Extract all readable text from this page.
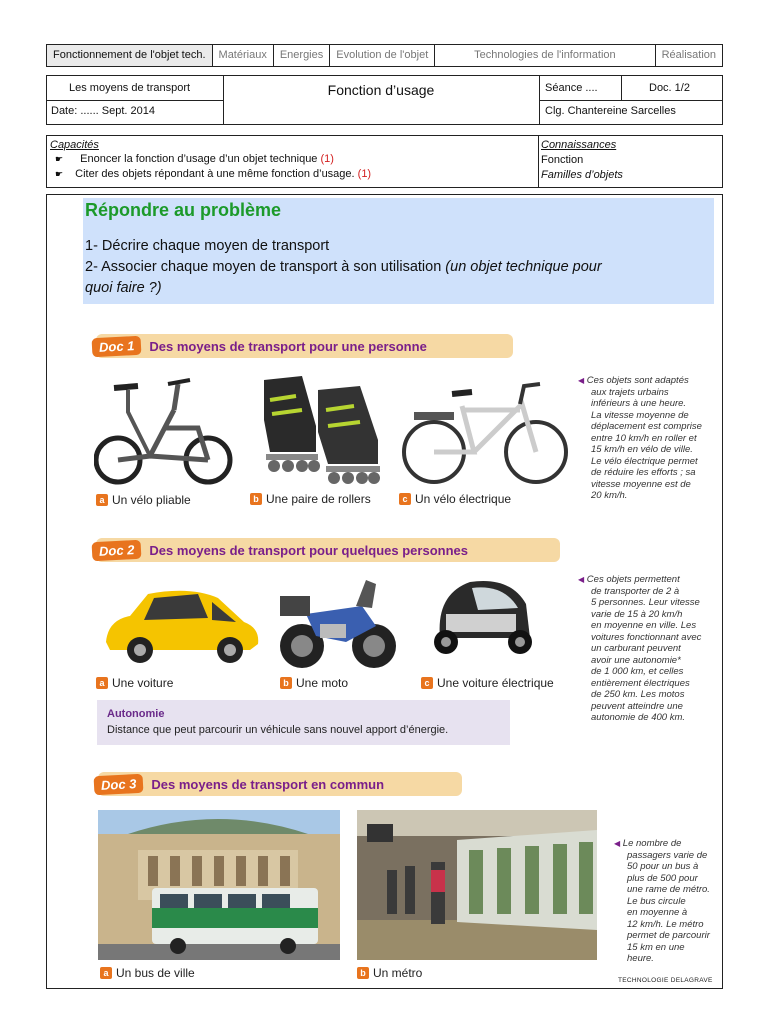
Fonctionnement de l'objet tech.	Matériaux	Energies	Evolution de l'objet	Technologies de l'information	Réalisation
Les moyens de transport
Date: ...... Sept. 2014
Fonction d’usage	Séance ....	Doc. 1/2
Clg. Chantereine Sarcelles
Capacités
☛ Enoncer la fonction d’usage d’un objet technique (1)
☛ Citer des objets répondant à une même fonction d’usage. (1)
Connaissances
Fonction
Familles d’objets
Répondre au problème

1- Décrire chaque moyen de transport

2- Associer chaque moyen de transport à son utilisation (un objet technique pour

quoi faire ?)

Doc 1	Des moyens de transport pour une personne
a Un vélo pliable	b Une paire de rollers	c Un vélo électrique
◀ Ces objets sont adaptés
aux trajets urbains
inférieurs à une heure.
La vitesse moyenne de
déplacement est comprise
entre 10 km/h en roller et
15 km/h en vélo de ville.
Le vélo électrique permet
de réduire les efforts ; sa
vitesse moyenne est de
20 km/h.
Doc 2	Des moyens de transport pour quelques personnes
a Une voiture	b Une moto	c Une voiture électrique
◀ Ces objets permettent
de transporter de 2 à
5 personnes. Leur vitesse
varie de 15 à 20 km/h
en moyenne en ville. Les
voitures fonctionnant avec
un carburant peuvent
avoir une autonomie*
de 1 000 km, et celles
entièrement électriques
de 250 km. Les motos
peuvent atteindre une
autonomie de 400 km.
Autonomie
Distance que peut parcourir un véhicule sans nouvel apport d’énergie.
Doc 3	Des moyens de transport en commun
a Un bus de ville	b Un métro
◀ Le nombre de
passagers varie de
50 pour un bus à
plus de 500 pour
une rame de métro.
Le bus circule
en moyenne à
12 km/h. Le métro
permet de parcourir
15 km en une
heure.
TECHNOLOGIE DELAGRAVE
